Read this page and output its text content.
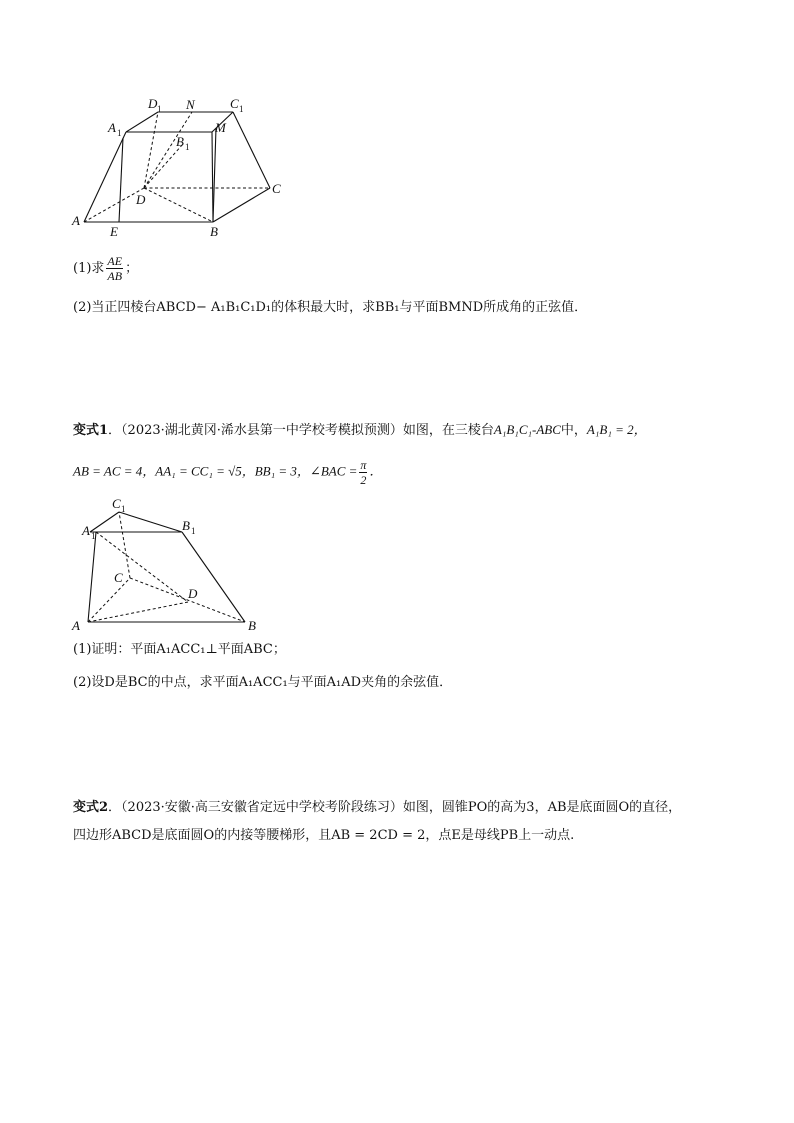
A
E	B
C
D
A 1
D 1 N	C 1
M
B 1
(1)求 $\frac{AE}{AB}$ ；
(2)当正四棱台ABCD− A₁B₁C₁D₁的体积最大时，求BB₁与平面BMND所成角的正弦值．
变式1．（2023·湖北黄冈·浠水县第一中学校考模拟预测）如图，在三棱台A₁B₁C₁-ABC中，A₁B₁ = 2，
AB = AC = 4，AA₁ = CC₁ = √5，BB₁ = 3，∠BAC = $\frac{\pi}{2}$ ．
A	B
C
D
A 1
C 1
B 1
(1)证明：平面A₁ACC₁⊥平面ABC；
(2)设D是BC的中点，求平面A₁ACC₁与平面A₁AD夹角的余弦值．
变式2．（2023·安徽·高三安徽省定远中学校考阶段练习）如图，圆锥PO的高为3，AB是底面圆O的直径，
四边形ABCD是底面圆O的内接等腰梯形，且AB = 2CD = 2，点E是母线PB上一动点.
